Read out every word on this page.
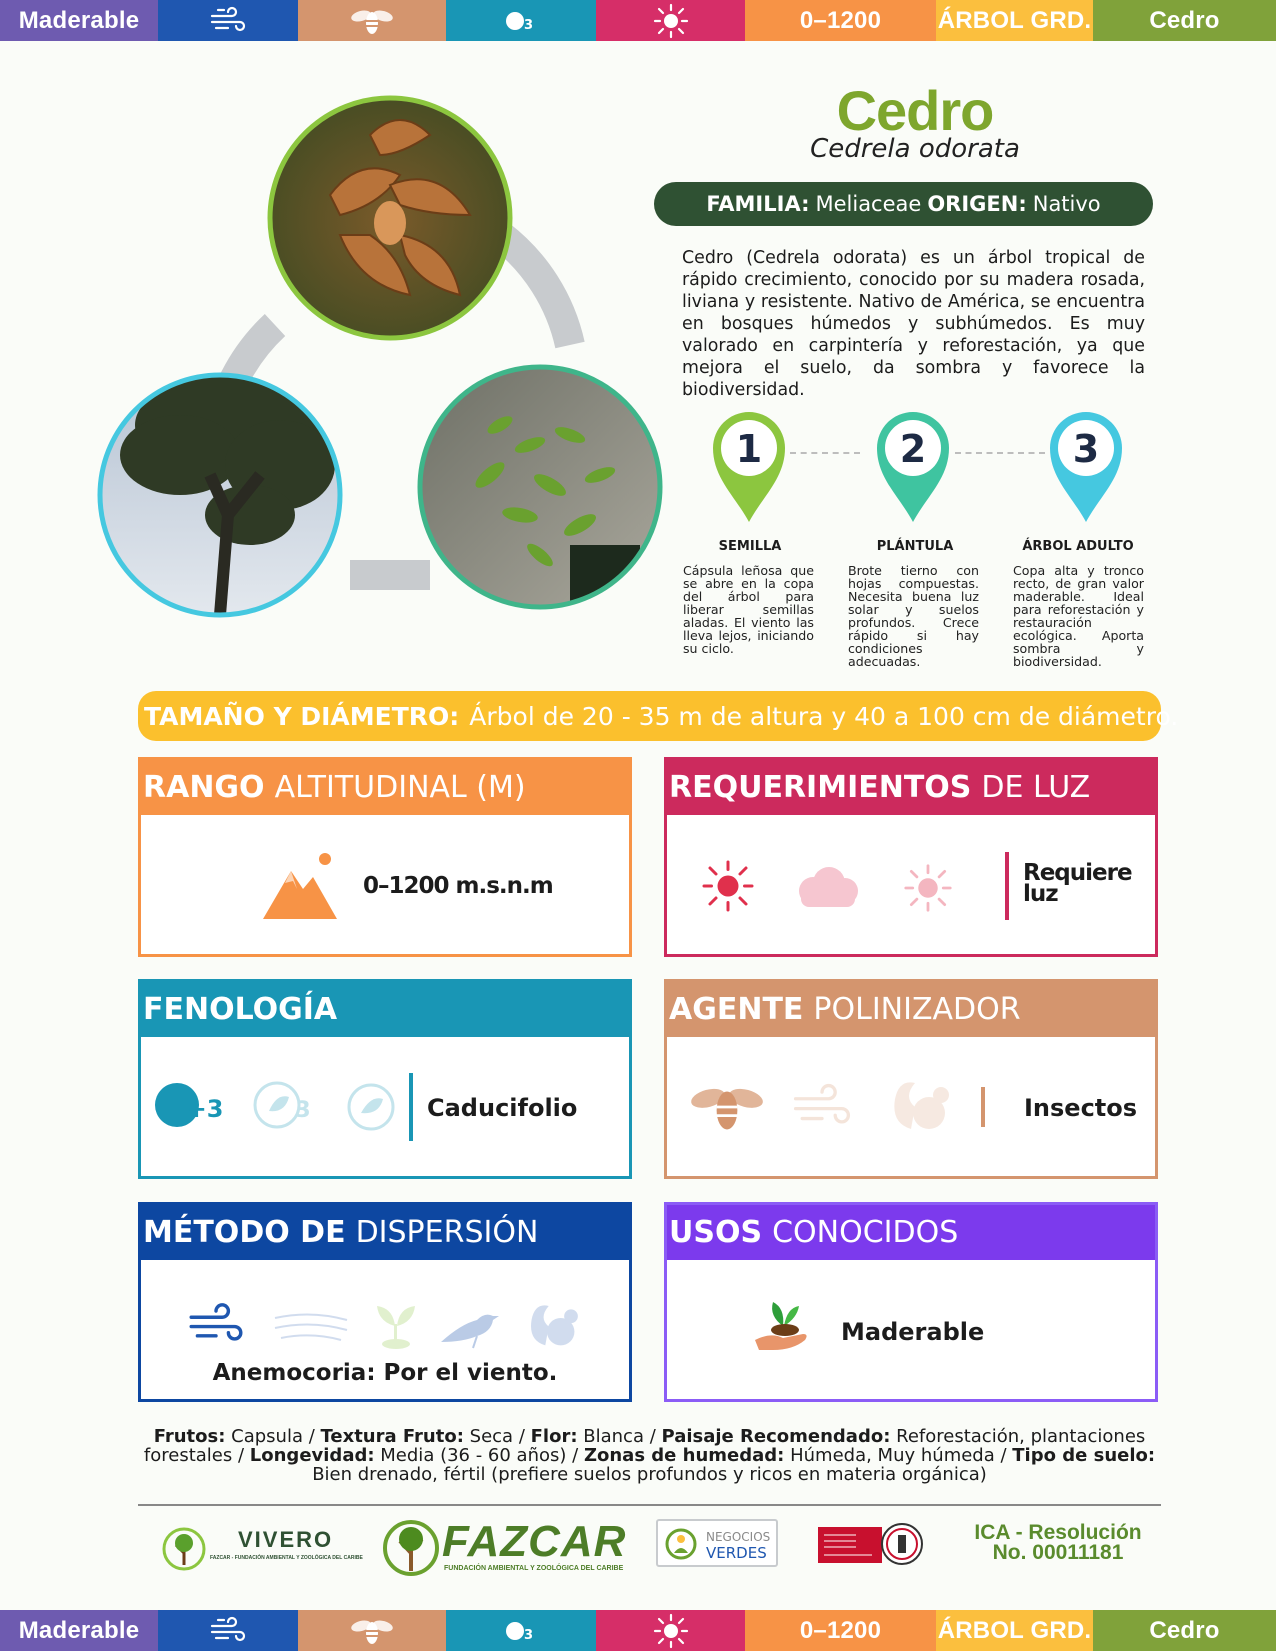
Maderable	3	0–1200 ÁRBOL GRD. Cedro
Cedro
Cedrela odorata
FAMILIA: Meliaceae ORIGEN: Nativo

Cedro (Cedrela odorata) es un árbol tropical de rápido crecimiento, conocido por su madera rosada, liviana y resistente. Nativo de América, se encuentra en bosques húmedos y subhúmedos. Es muy valorado en carpintería y reforestación, ya que mejora el suelo, da sombra y favorece la biodiversidad.

1	2	3
SEMILLA	PLÁNTULA	ÁRBOL ADULTO

Cápsula leñosa que se abre en la copa del árbol para liberar semillas aladas. El viento las lleva lejos, iniciando su ciclo.

Brote tierno con hojas compuestas. Necesita buena luz solar y suelos profundos. Crece rápido si hay condiciones adecuadas.

Copa alta y tronco recto, de gran valor maderable. Ideal para reforestación y restauración ecológica. Aporta sombra y biodiversidad.

TAMAÑO Y DIÁMETRO: Árbol de 20 - 35 m de altura y 40 a 100 cm de diámetro.
RANGO ALTITUDINAL (M)
0–1200 m.s.n.m
REQUERIMIENTOS DE LUZ
Requiere luz
FENOLOGÍA
+3	3	Caducifolio
AGENTE POLINIZADOR
Insectos
MÉTODO DE DISPERSIÓN
Anemocoria: Por el viento.
USOS CONOCIDOS
Maderable

Frutos: Capsula / Textura Fruto: Seca / Flor: Blanca / Paisaje Recomendado: Reforestación, plantaciones forestales / Longevidad: Media (36 - 60 años) / Zonas de humedad: Húmeda, Muy húmeda / Tipo de suelo: Bien drenado, fértil (prefiere suelos profundos y ricos en materia orgánica)

VIVERO
FAZCAR - FUNDACIÓN AMBIENTAL Y ZOOLÓGICA DEL CARIBE FAZCAR
FUNDACIÓN AMBIENTAL Y ZOOLÓGICA DEL CARIBE
NEGOCIOS
VERDES
ICA - Resolución
No. 00011181
Maderable	3	0–1200 ÁRBOL GRD. Cedro
